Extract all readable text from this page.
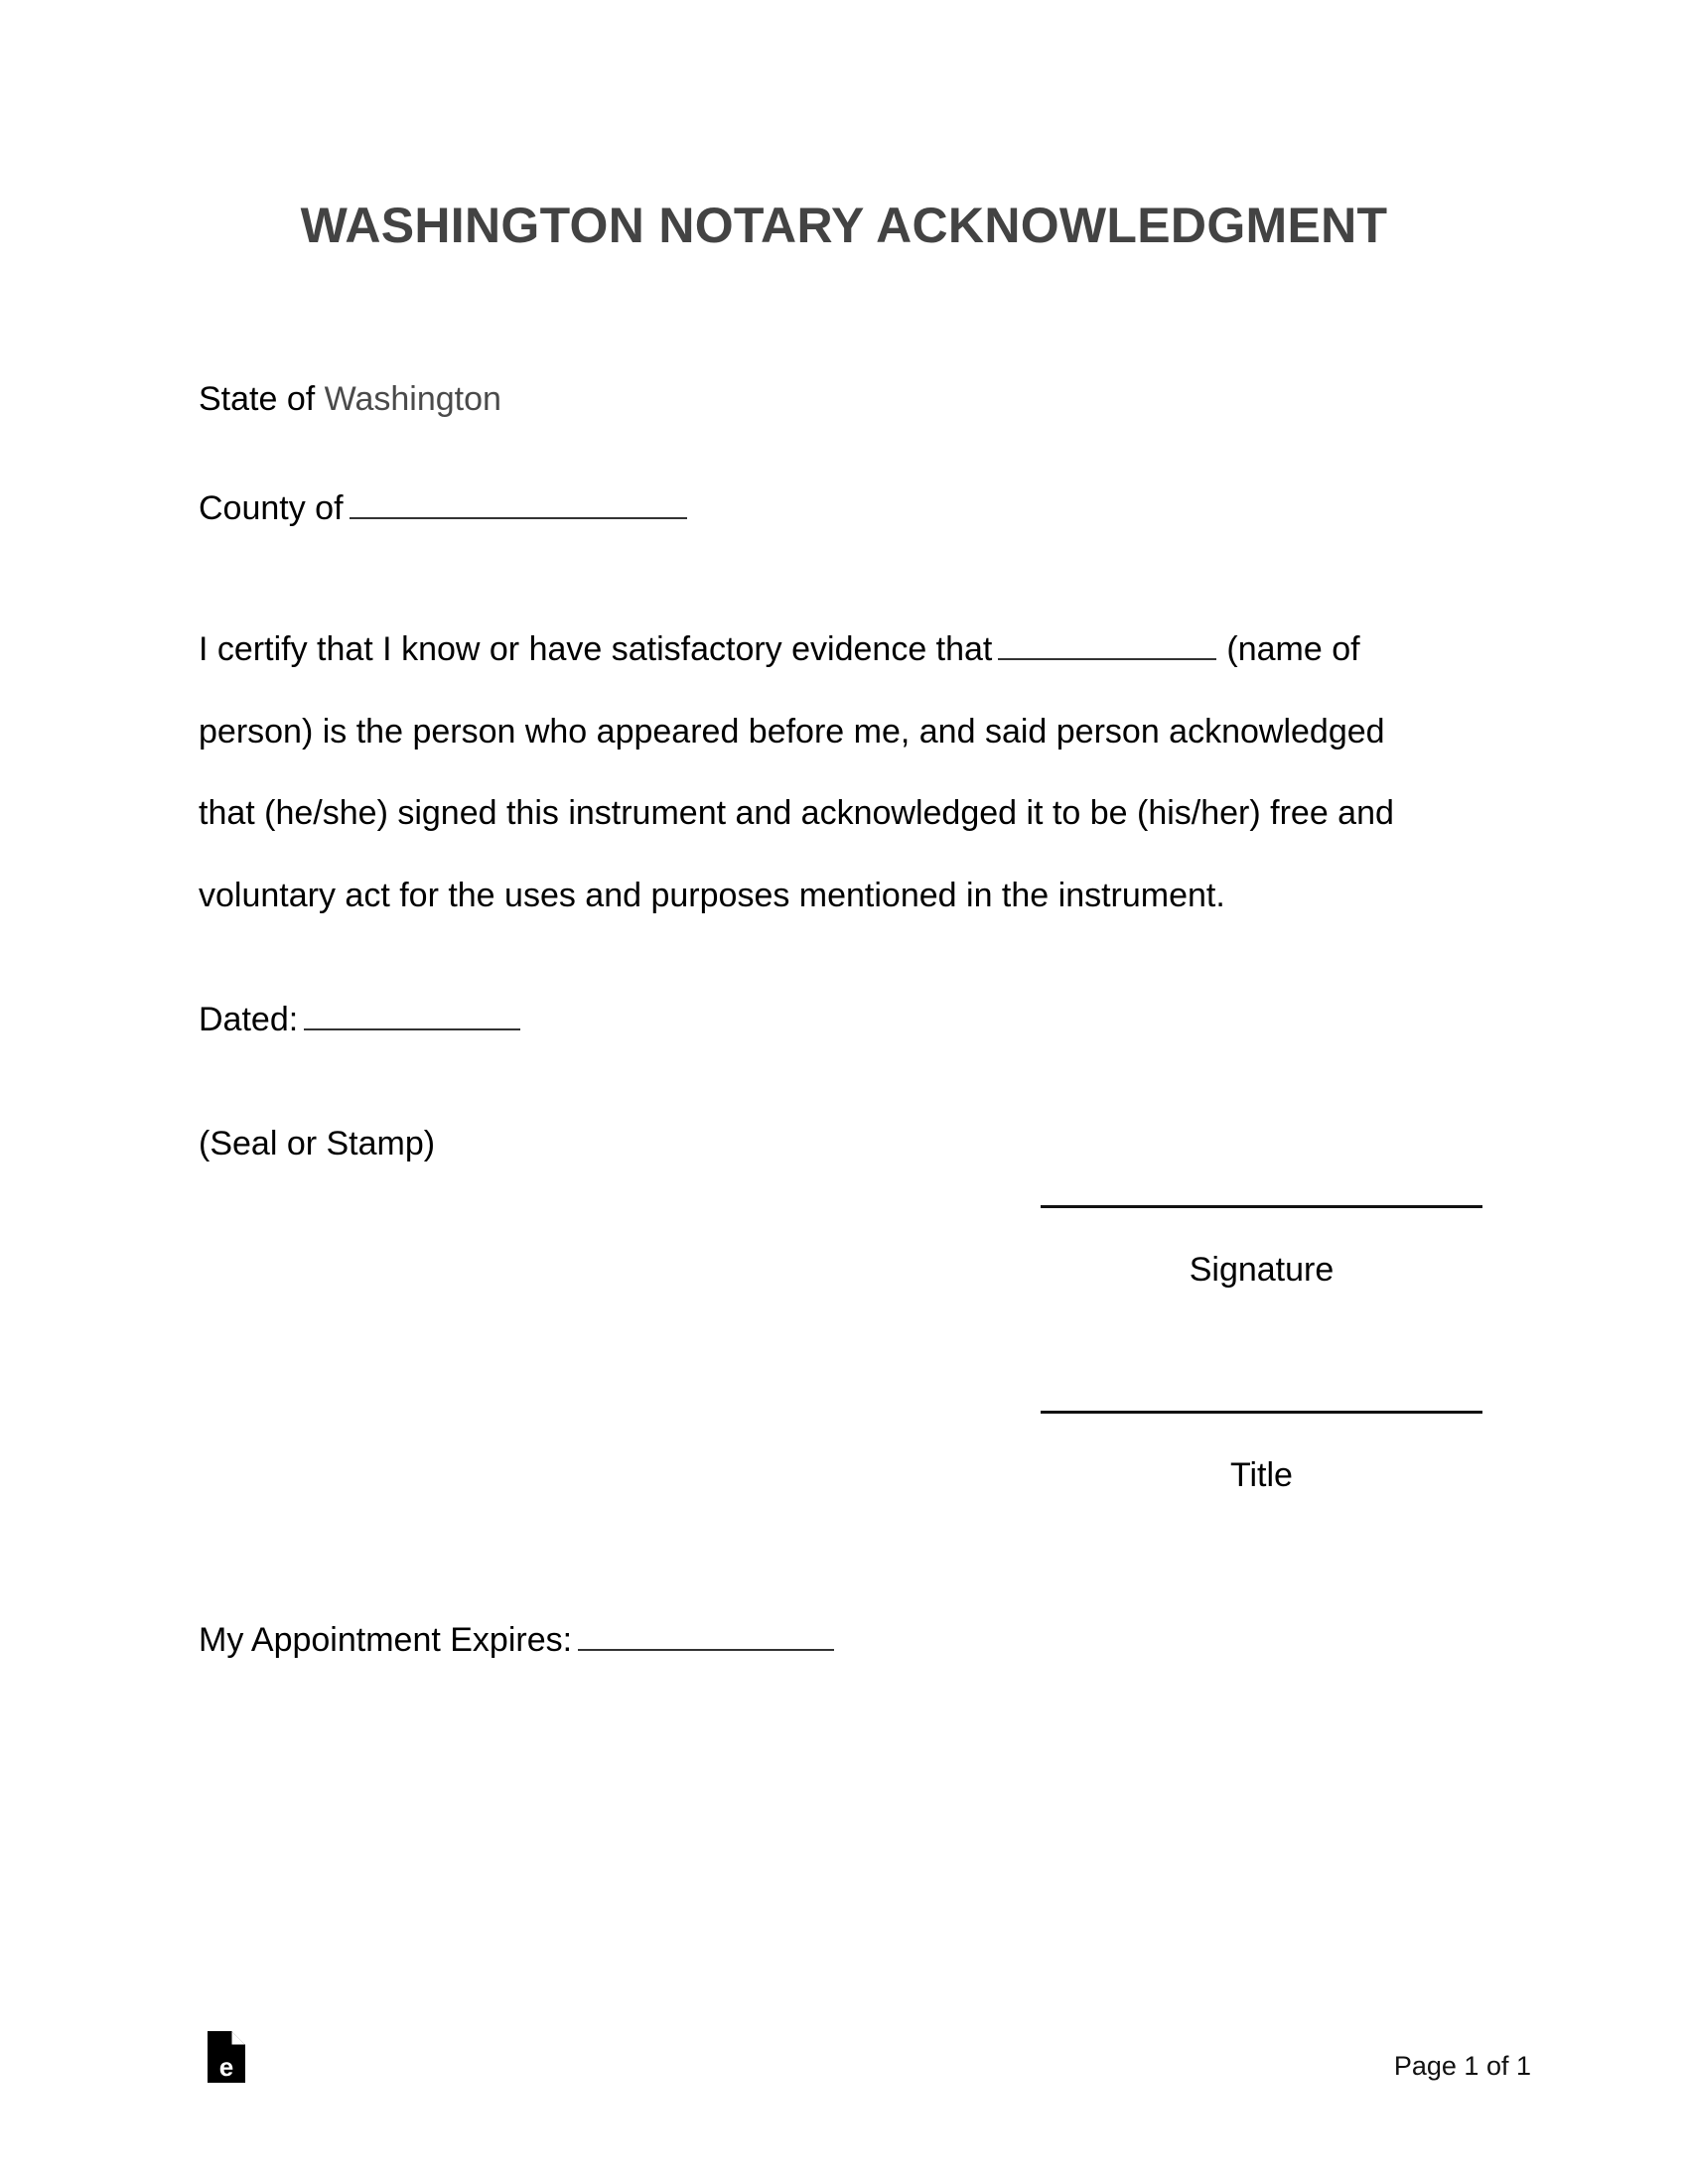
WASHINGTON NOTARY ACKNOWLEDGMENT
State of Washington
County of
I certify that I know or have satisfactory evidence that	(name of
person) is the person who appeared before me, and said person acknowledged
that (he/she) signed this instrument and acknowledged it to be (his/her) free and
voluntary act for the uses and purposes mentioned in the instrument.
Dated:
(Seal or Stamp)
Signature
Title
My Appointment Expires:
e	Page 1 of 1
